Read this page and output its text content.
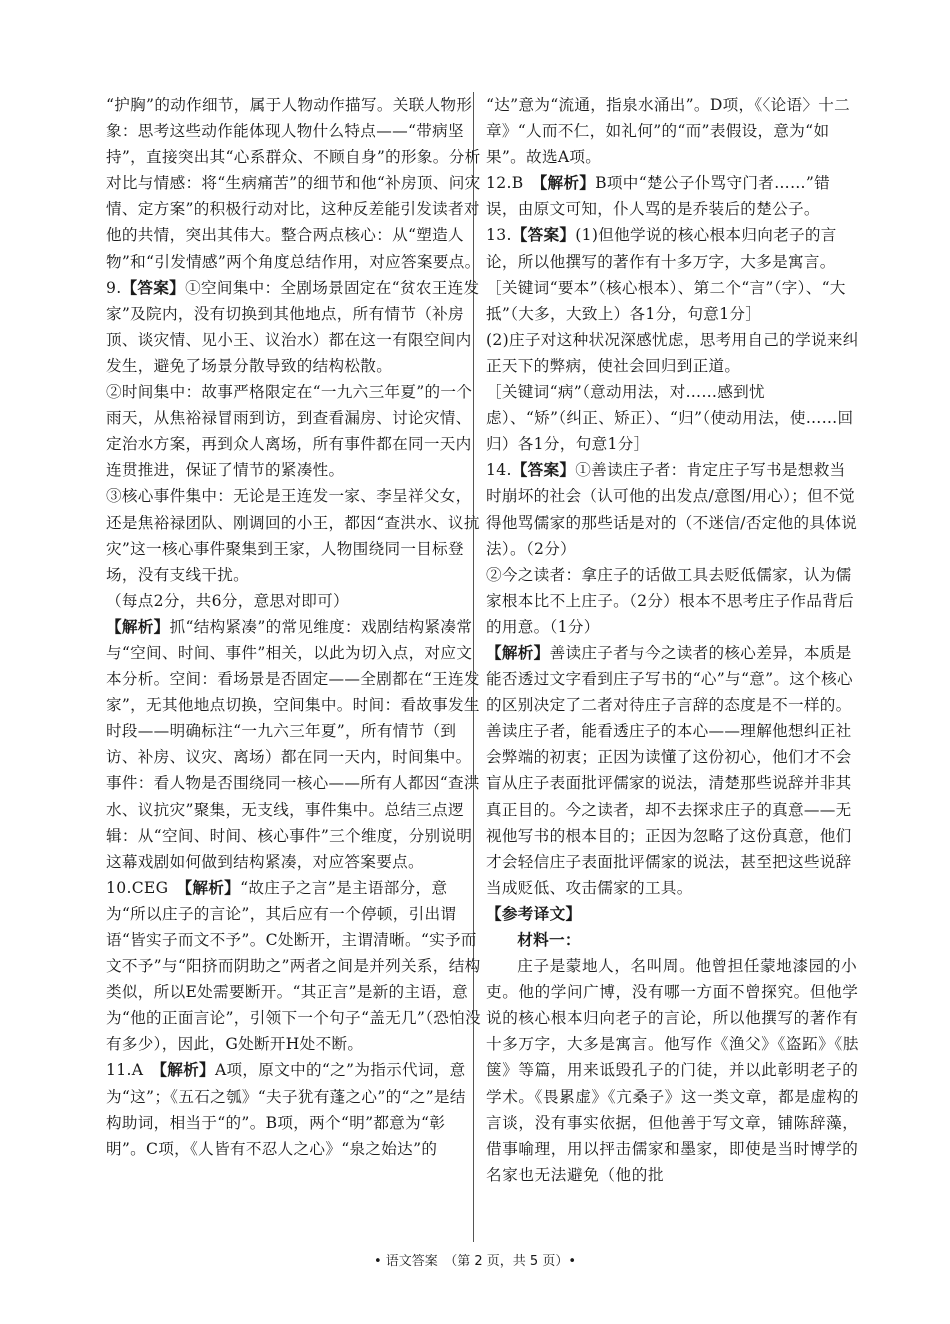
“护胸”的动作细节，属于人物动作描写。关联人物形象：思考这些动作能体现人物什么特点——“带病坚持”，直接突出其“心系群众、不顾自身”的形象。分析对比与情感：将“生病痛苦”的细节和他“补房顶、问灾情、定方案”的积极行动对比，这种反差能引发读者对他的共情，突出其伟大。整合两点核心：从“塑造人物”和“引发情感”两个角度总结作用，对应答案要点。

9.【答案】①空间集中：全剧场景固定在“贫农王连发家”及院内，没有切换到其他地点，所有情节（补房顶、谈灾情、见小王、议治水）都在这一有限空间内发生，避免了场景分散导致的结构松散。

②时间集中：故事严格限定在“一九六三年夏”的一个雨天，从焦裕禄冒雨到访，到查看漏房、讨论灾情、定治水方案，再到众人离场，所有事件都在同一天内连贯推进，保证了情节的紧凑性。

③核心事件集中：无论是王连发一家、李呈祥父女，还是焦裕禄团队、刚调回的小王，都因“查洪水、议抗灾”这一核心事件聚集到王家，人物围绕同一目标登场，没有支线干扰。

（每点2分，共6分，意思对即可）

【解析】抓“结构紧凑”的常见维度：戏剧结构紧凑常与“空间、时间、事件”相关，以此为切入点，对应文本分析。空间：看场景是否固定——全剧都在“王连发家”，无其他地点切换，空间集中。时间：看故事发生时段——明确标注“一九六三年夏”，所有情节（到访、补房、议灾、离场）都在同一天内，时间集中。事件：看人物是否围绕同一核心——所有人都因“查洪水、议抗灾”聚集，无支线，事件集中。总结三点逻辑：从“空间、时间、核心事件”三个维度，分别说明这幕戏剧如何做到结构紧凑，对应答案要点。

10.CEG　 【解析】“故庄子之言”是主语部分，意为“所以庄子的言论”，其后应有一个停顿，引出谓语“皆实子而文不予”。C处断开，主谓清晰。“实予而文不予”与“阳挤而阴助之”两者之间是并列关系，结构类似，所以E处需要断开。“其正言”是新的主语，意为“他的正面言论”，引领下一个句子“盖无几”（恐怕没有多少），因此，G处断开H处不断。

11.A　 【解析】A项，原文中的“之”为指示代词，意为“这”；《五石之瓠》“夫子犹有蓬之心”的“之”是结构助词，相当于“的”。B项，两个“明”都意为“彰明”。C项，《人皆有不忍人之心》“泉之始达”的

“达”意为“流通，指泉水涌出”。D项，《〈论语〉十二章》“人而不仁，如礼何”的“而”表假设，意为“如果”。故选A项。

12.B　 【解析】B项中“楚公子仆骂守门者……”错误，由原文可知，仆人骂的是乔装后的楚公子。

13.【答案】(1)但他学说的核心根本归向老子的言论，所以他撰写的著作有十多万字，大多是寓言。

［关键词“要本”（核心根本）、第二个“言”（字）、“大抵”（大多，大致上）各1分，句意1分］

(2)庄子对这种状况深感忧虑，思考用自己的学说来纠正天下的弊病，使社会回归到正道。

［关键词“病”（意动用法，对……感到忧虑）、“矫”（纠正、矫正）、“归”（使动用法，使……回归）各1分，句意1分］

14.【答案】①善读庄子者：肯定庄子写书是想救当时崩坏的社会（认可他的出发点/意图/用心）；但不觉得他骂儒家的那些话是对的（不迷信/否定他的具体说法）。（2分）

②今之读者：拿庄子的话做工具去贬低儒家，认为儒家根本比不上庄子。（2分）根本不思考庄子作品背后的用意。（1分）

【解析】善读庄子者与今之读者的核心差异，本质是能否透过文字看到庄子写书的“心”与“意”。这个核心的区别决定了二者对待庄子言辞的态度是不一样的。善读庄子者，能看透庄子的本心——理解他想纠正社会弊端的初衷；正因为读懂了这份初心，他们才不会盲从庄子表面批评儒家的说法，清楚那些说辞并非其真正目的。今之读者，却不去探求庄子的真意——无视他写书的根本目的；正因为忽略了这份真意，他们才会轻信庄子表面批评儒家的说法，甚至把这些说辞当成贬低、攻击儒家的工具。

【参考译文】

材料一：

庄子是蒙地人，名叫周。他曾担任蒙地漆园的小吏。他的学问广博，没有哪一方面不曾探究。但他学说的核心根本归向老子的言论，所以他撰写的著作有十多万字，大多是寓言。他写作《渔父》《盗跖》《胠箧》等篇，用来诋毁孔子的门徒，并以此彰明老子的学术。《畏累虚》《亢桑子》这一类文章，都是虚构的言谈，没有事实依据，但他善于写文章，铺陈辞藻，借事喻理，用以抨击儒家和墨家，即使是当时博学的名家也无法避免（他的批

• 语文答案　（第 2 页，共 5 页）•
